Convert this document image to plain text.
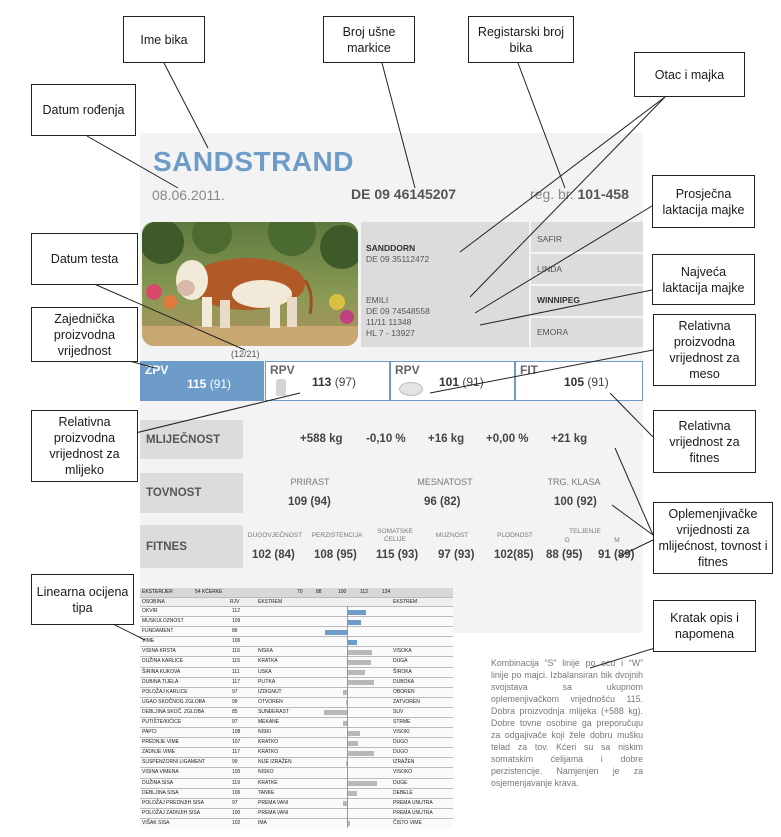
SANDSTRAND
08.06.2011.	DE 09 46145207	reg. br. 101-458
SANDDORN
DE 09 35112472
EMILI
DE 09 74548558
11/11 11348
HL 7 - 13927
SAFIR
LINDA
WINNIPEG
EMORA
(12/21)
ZPV
115 (91)
RPV
113 (97)
RPV
101 (91)
FIT
105 (91)
MLIJEČNOST	+588 kg -0,10 % +16 kg +0,00 % +21 kg
TOVNOST
PRIRAST	MESNATOST	TRG. KLASA
109 (94)	96 (82)	100 (92)
FITNES
DUGOVJEČNOST	PERZISTENCIJA
SOMATSKE ĆELIJE
MUZNOST	PLODNOST
TELJENJE
O	M
102 (84) 108 (95) 115 (93) 97 (93) 102(85) 88 (95) 91 (89)
EKSTERIJER	54 KĆERKE	70	88	100	112	124
OSOBINA	RJV	EKSTREM	EKSTREM
OKVIR	112
MUSKULOZNOST	109
FUNDAMENT	86
VIME	106
VISINA KRSTA	116	NISKA	VISOKA
DUŽINA KARLICE	115	KRATKA	DUGA
ŠIRINA KUKOVA	111	USKA	ŠIROKA
DUBINA TIJELA	117	PLITKA	DUBOKA
POLOŽAJ KARLICE	97	IZDIGNUT	OBOREN
UGAO SKOČNOG ZGLOBA	99	OTVOREN	ZATVOREN
DEBLJINA SKOČ. ZGLOBA	85	SUNĐERAST	SUV
PUTIŠTE/KIĆICE	97	MEKANE	STRME
PAPCI	108	NISKI	VISOKI
PREDNJE VIME	107	KRATKO	DUGO
ZADNJE VIME	117	KRATKO	DUGO
SUSPENZORNI LIGAMENT	99	NIJE IZRAŽEN	IZRAŽEN
VISINA VIMENA	100	NISKO	VISOKO
DUŽINA SISA	119	KRATKE	DUGE
DEBLJINA SISA	106	TANKE	DEBELE
POLOŽAJ PREDNJIH SISA	97	PREMA VANI	PREMA UNUTRA
POLOŽAJ ZADNJIH SISA	100	PREMA VANI	PREMA UNUTRA
VIŠAK SISA	102	IMA	ČISTO VIME
Kombinacija “S” linije po ocu i “W” linije po majci. Izbalansiran bik dvojnih svojstava sa ukupnom oplemenjivačkom vrijednošću 115. Dobra proizvodnja mlijeka (+588 kg). Dobre tovne osobine ga preporučuju za odgajivače koji žele dobru mušku telad za tov. Kćeri su sa niskim somatskim ćelijama i dobre perzistencije. Namjenjen je za osjemenjavanje krava.
Ime bika
Broj ušne markice
Registarski broj bika
Otac i majka
Datum rođenja
Prosječna laktacija majke
Datum testa
Najveća laktacija majke
Zajednička proizvodna vrijednost
Relativna proizvodna vrijednost za meso
Relativna proizvodna vrijednost za mlijeko
Relativna vrijednost za fitnes
Oplemenjivačke vrijednosti za mlijećnost, tovnost i fitnes
Linearna ocijena tipa
Kratak opis i napomena
